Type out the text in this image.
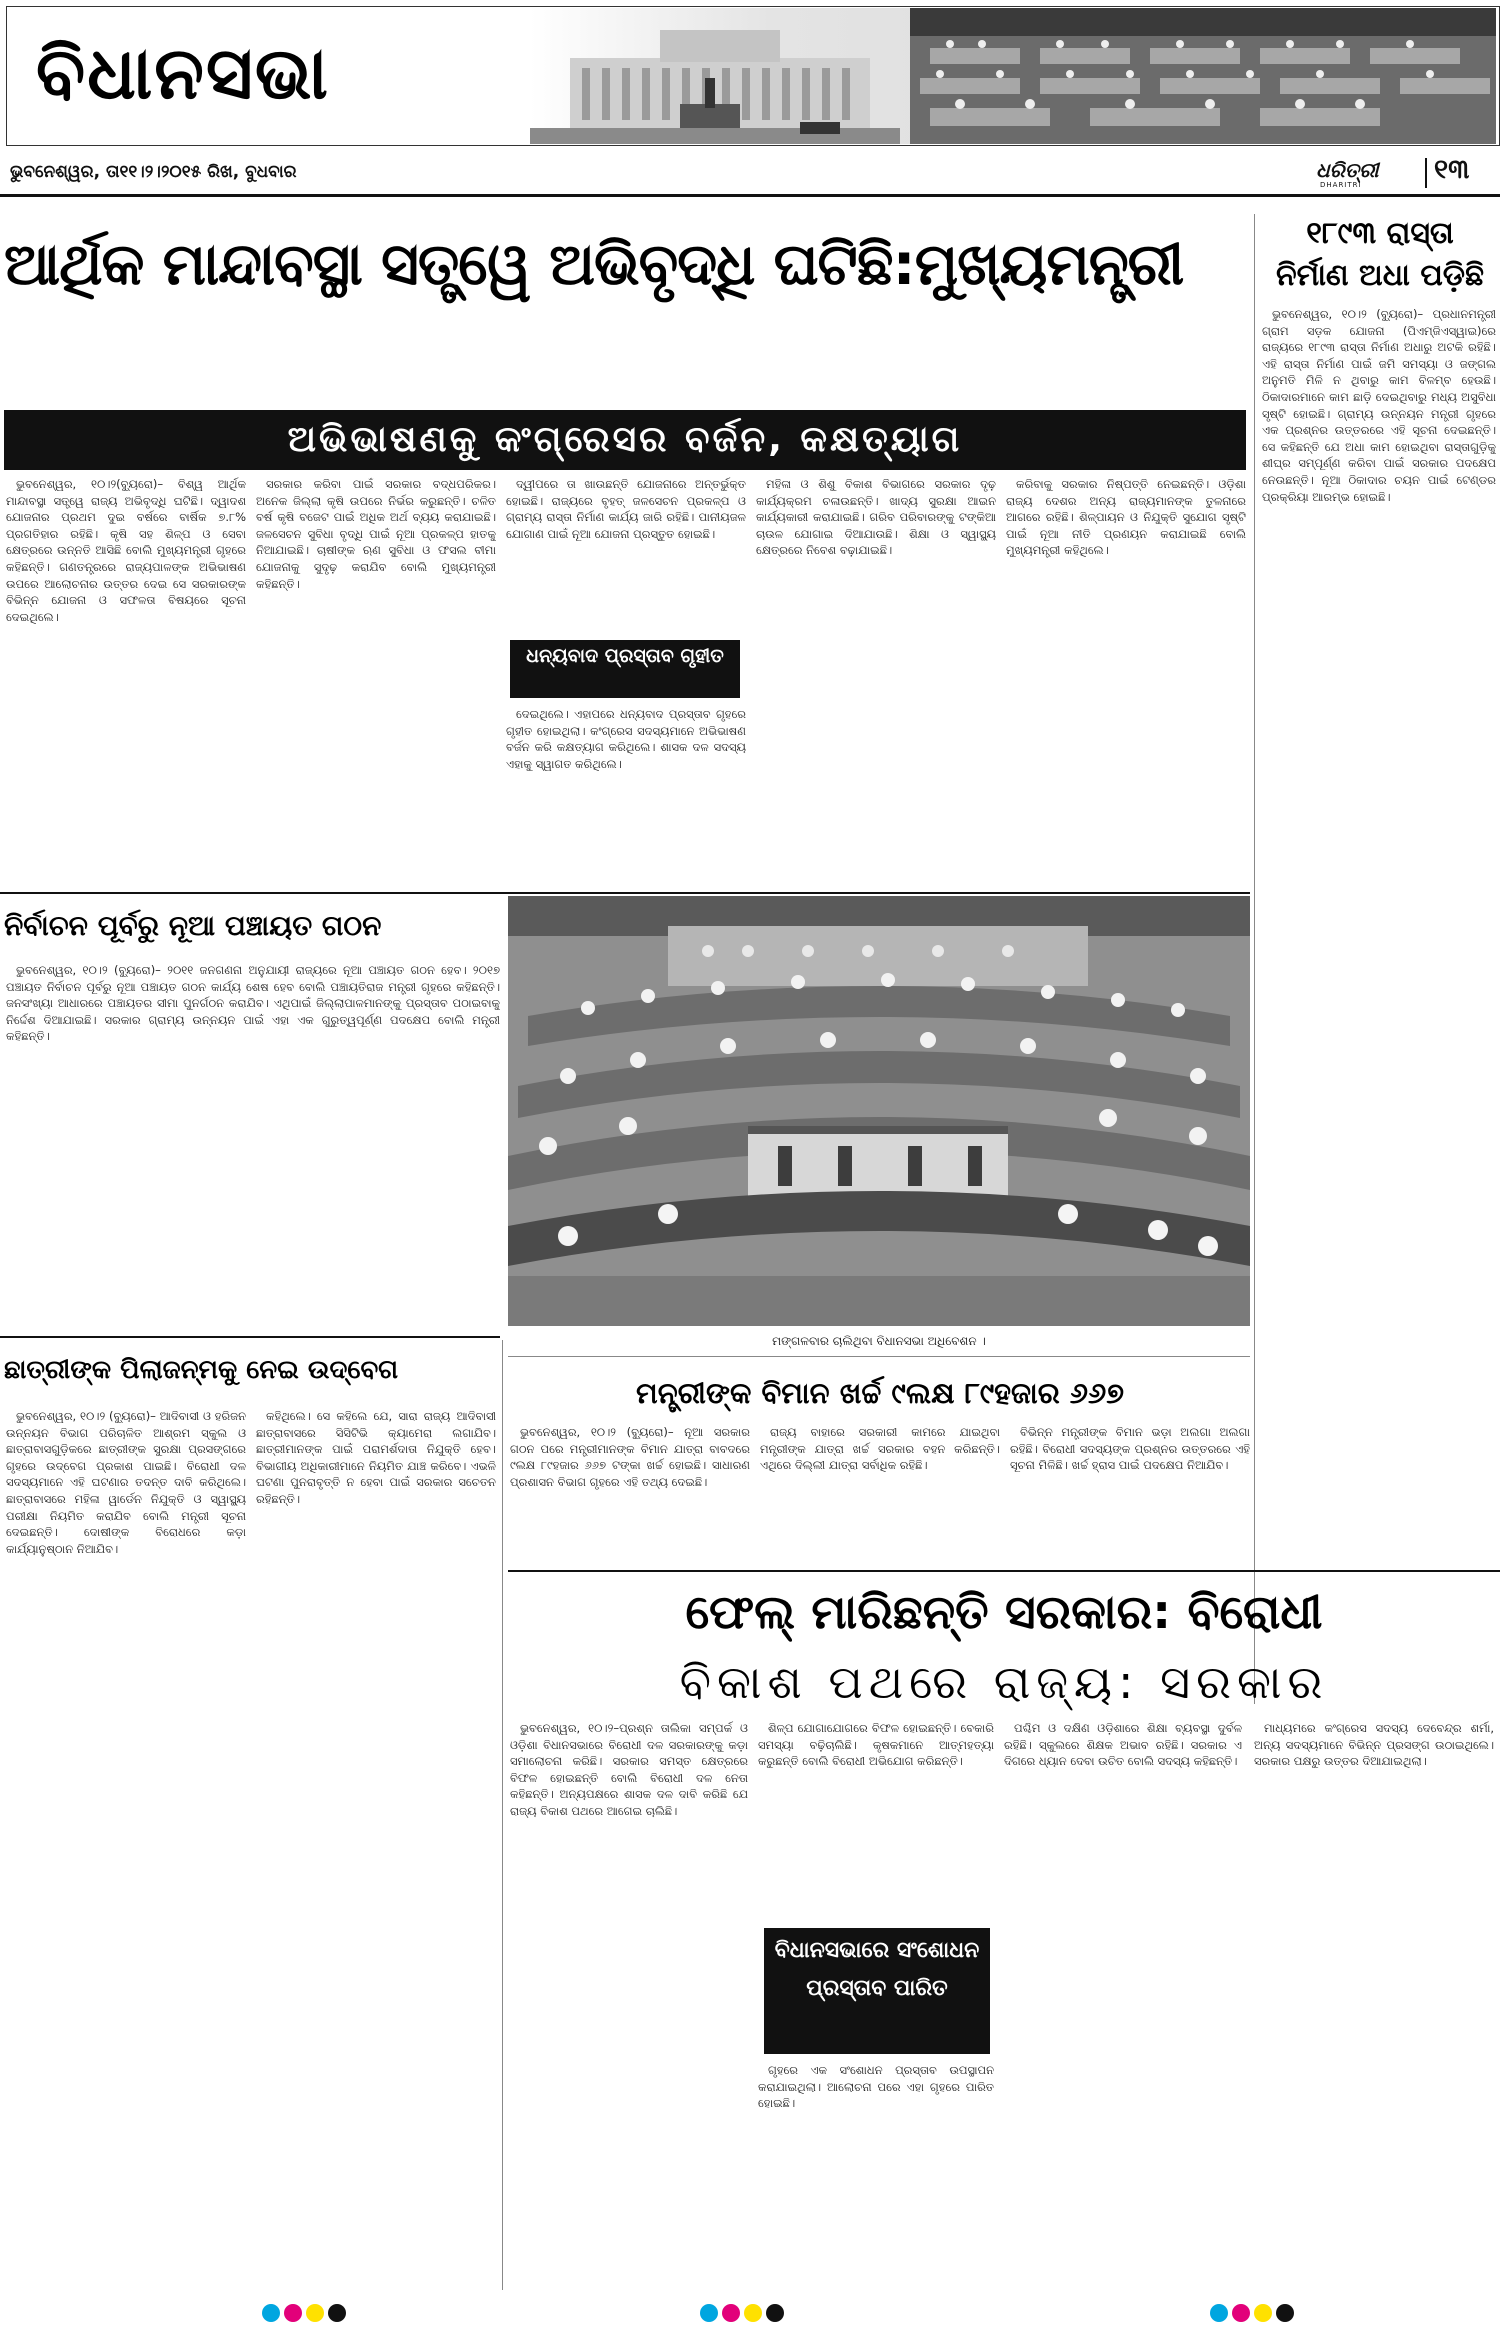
ବିଧାନସଭା
ଭୁବନେଶ୍ୱର, ତା୧୧।୨।୨୦୧୫ ରିଖ, ବୁଧବାର	ଧରିତ୍ରୀ
DHARITRI	୧୩
ଆର୍ଥିକ ମାନ୍ଦାବସ୍ଥା ସତ୍ତ୍ୱେ ଅଭିବୃଦ୍ଧି ଘଟିଛି:ମୁଖ୍ୟମନ୍ତ୍ରୀ
ଅଭିଭାଷଣକୁ କଂଗ୍ରେସର ବର୍ଜନ, କକ୍ଷତ୍ୟାଗ

ଭୁବନେଶ୍ୱର, ୧୦।୨(ବ୍ୟୁରୋ)– ବିଶ୍ୱ ଆର୍ଥିକ ମାନ୍ଦାବସ୍ଥା ସତ୍ତ୍ୱେ ରାଜ୍ୟ ଅଭିବୃଦ୍ଧି ଘଟିଛି। ଦ୍ୱାଦଶ ଯୋଜନାର ପ୍ରଥମ ଦୁଇ ବର୍ଷରେ ବାର୍ଷିକ ୭.୮% ପ୍ରଗତିହାର ରହିଛି। କୃଷି ସହ ଶିଳ୍ପ ଓ ସେବା କ୍ଷେତ୍ରରେ ଉନ୍ନତି ଆସିଛି ବୋଲି ମୁଖ୍ୟମନ୍ତ୍ରୀ ଗୃହରେ କହିଛନ୍ତି। ଗଣତନ୍ତ୍ରରେ ରାଜ୍ୟପାଳଙ୍କ ଅଭିଭାଷଣ ଉପରେ ଆଲୋଚନାର ଉତ୍ତର ଦେଇ ସେ ସରକାରଙ୍କ ବିଭିନ୍ନ ଯୋଜନା ଓ ସଫଳତା ବିଷୟରେ ସୂଚନା ଦେଇଥିଲେ।

ସରକାର କରିବା ପାଇଁ ସରକାର ବଦ୍ଧପରିକର। ଅନେକ ଜିଲ୍ଲା କୃଷି ଉପରେ ନିର୍ଭର କରୁଛନ୍ତି। ଚଳିତ ବର୍ଷ କୃଷି ବଜେଟ ପାଇଁ ଅଧିକ ଅର୍ଥ ବ୍ୟୟ କରାଯାଇଛି। ଜଳସେଚନ ସୁବିଧା ବୃଦ୍ଧି ପାଇଁ ନୂଆ ପ୍ରକଳ୍ପ ହାତକୁ ନିଆଯାଇଛି। ଚାଷୀଙ୍କ ଋଣ ସୁବିଧା ଓ ଫସଲ ବୀମା ଯୋଜନାକୁ ସୁଦୃଢ଼ କରାଯିବ ବୋଲି ମୁଖ୍ୟମନ୍ତ୍ରୀ କହିଛନ୍ତି।

ଦ୍ୱୀପରେ ତା ଖାଉଛନ୍ତି ଯୋଜନାରେ ଅନ୍ତର୍ଭୁକ୍ତ ହୋଇଛି। ରାଜ୍ୟରେ ବୃହତ୍ ଜଳସେଚନ ପ୍ରକଳ୍ପ ଓ ଗ୍ରାମ୍ୟ ରାସ୍ତା ନିର୍ମାଣ କାର୍ଯ୍ୟ ଜାରି ରହିଛି। ପାନୀୟଜଳ ଯୋଗାଣ ପାଇଁ ନୂଆ ଯୋଜନା ପ୍ରସ୍ତୁତ ହୋଇଛି।

ଧନ୍ୟବାଦ ପ୍ରସ୍ତାବ ଗୃହୀତ

ଦେଇଥିଲେ। ଏହାପରେ ଧନ୍ୟବାଦ ପ୍ରସ୍ତାବ ଗୃହରେ ଗୃହୀତ ହୋଇଥିଲା। କଂଗ୍ରେସ ସଦସ୍ୟମାନେ ଅଭିଭାଷଣ ବର୍ଜନ କରି କକ୍ଷତ୍ୟାଗ କରିଥିଲେ। ଶାସକ ଦଳ ସଦସ୍ୟ ଏହାକୁ ସ୍ୱାଗତ କରିଥିଲେ।

ମହିଳା ଓ ଶିଶୁ ବିକାଶ ବିଭାଗରେ ସରକାର ଦୃଢ଼ କାର୍ଯ୍ୟକ୍ରମ ଚଳାଉଛନ୍ତି। ଖାଦ୍ୟ ସୁରକ୍ଷା ଆଇନ କାର୍ଯ୍ୟକାରୀ କରାଯାଇଛି। ଗରିବ ପରିବାରଙ୍କୁ ଟଙ୍କିଆ ଚାଉଳ ଯୋଗାଇ ଦିଆଯାଉଛି। ଶିକ୍ଷା ଓ ସ୍ୱାସ୍ଥ୍ୟ କ୍ଷେତ୍ରରେ ନିବେଶ ବଢ଼ାଯାଇଛି।

କରିବାକୁ ସରକାର ନିଷ୍ପତ୍ତି ନେଇଛନ୍ତି। ଓଡ଼ିଶା ରାଜ୍ୟ ଦେଶର ଅନ୍ୟ ରାଜ୍ୟମାନଙ୍କ ତୁଳନାରେ ଆଗରେ ରହିଛି। ଶିଳ୍ପାୟନ ଓ ନିଯୁକ୍ତି ସୁଯୋଗ ସୃଷ୍ଟି ପାଇଁ ନୂଆ ନୀତି ପ୍ରଣୟନ କରାଯାଇଛି ବୋଲି ମୁଖ୍ୟମନ୍ତ୍ରୀ କହିଥିଲେ।

୧୮୯୩ ରାସ୍ତା
ନିର୍ମାଣ ଅଧା ପଡ଼ିଛି

ଭୁବନେଶ୍ୱର, ୧୦।୨ (ବ୍ୟୁରୋ)– ପ୍ରଧାନମନ୍ତ୍ରୀ ଗ୍ରାମ ସଡ଼କ ଯୋଜନା (ପିଏମ୍‌ଜିଏସ୍‌ୱାଇ)ରେ ରାଜ୍ୟରେ ୧୮୯୩ ରାସ୍ତା ନିର୍ମାଣ ଅଧାରୁ ଅଟକି ରହିଛି। ଏହି ରାସ୍ତା ନିର୍ମାଣ ପାଇଁ ଜମି ସମସ୍ୟା ଓ ଜଙ୍ଗଲ ଅନୁମତି ମିଳି ନ ଥିବାରୁ କାମ ବିଳମ୍ବ ହେଉଛି। ଠିକାଦାରମାନେ କାମ ଛାଡ଼ି ଦେଇଥିବାରୁ ମଧ୍ୟ ଅସୁବିଧା ସୃଷ୍ଟି ହୋଇଛି। ଗ୍ରାମ୍ୟ ଉନ୍ନୟନ ମନ୍ତ୍ରୀ ଗୃହରେ ଏକ ପ୍ରଶ୍ନର ଉତ୍ତରରେ ଏହି ସୂଚନା ଦେଇଛନ୍ତି। ସେ କହିଛନ୍ତି ଯେ ଅଧା କାମ ହୋଇଥିବା ରାସ୍ତାଗୁଡ଼ିକୁ ଶୀଘ୍ର ସମ୍ପୂର୍ଣ୍ଣ କରିବା ପାଇଁ ସରକାର ପଦକ୍ଷେପ ନେଉଛନ୍ତି। ନୂଆ ଠିକାଦାର ଚୟନ ପାଇଁ ଟେଣ୍ଡର ପ୍ରକ୍ରିୟା ଆରମ୍ଭ ହୋଇଛି।

ନିର୍ବାଚନ ପୂର୍ବରୁ ନୂଆ ପଞ୍ଚାୟତ ଗଠନ

ଭୁବନେଶ୍ୱର, ୧୦।୨ (ବ୍ୟୁରୋ)– ୨୦୧୧ ଜନଗଣନା ଅନୁଯାୟୀ ରାଜ୍ୟରେ ନୂଆ ପଞ୍ଚାୟତ ଗଠନ ହେବ। ୨୦୧୭ ପଞ୍ଚାୟତ ନିର୍ବାଚନ ପୂର୍ବରୁ ନୂଆ ପଞ୍ଚାୟତ ଗଠନ କାର୍ଯ୍ୟ ଶେଷ ହେବ ବୋଲି ପଞ୍ଚାୟତିରାଜ ମନ୍ତ୍ରୀ ଗୃହରେ କହିଛନ୍ତି। ଜନସଂଖ୍ୟା ଆଧାରରେ ପଞ୍ଚାୟତର ସୀମା ପୁନର୍ଗଠନ କରାଯିବ। ଏଥିପାଇଁ ଜିଲ୍ଲାପାଳମାନଙ୍କୁ ପ୍ରସ୍ତାବ ପଠାଇବାକୁ ନିର୍ଦ୍ଦେଶ ଦିଆଯାଇଛି। ସରକାର ଗ୍ରାମ୍ୟ ଉନ୍ନୟନ ପାଇଁ ଏହା ଏକ ଗୁରୁତ୍ୱପୂର୍ଣ୍ଣ ପଦକ୍ଷେପ ବୋଲି ମନ୍ତ୍ରୀ କହିଛନ୍ତି।

ମଙ୍ଗଳବାର ଚାଲିଥିବା ବିଧାନସଭା ଅଧିବେଶନ ।
ଛାତ୍ରୀଙ୍କ ପିଲାଜନ୍ମକୁ ନେଇ ଉଦ୍‌ବେଗ

ଭୁବନେଶ୍ୱର, ୧୦।୨ (ବ୍ୟୁରୋ)– ଆଦିବାସୀ ଓ ହରିଜନ ଉନ୍ନୟନ ବିଭାଗ ପରିଚାଳିତ ଆଶ୍ରମ ସ୍କୁଲ ଓ ଛାତ୍ରାବାସଗୁଡ଼ିକରେ ଛାତ୍ରୀଙ୍କ ସୁରକ୍ଷା ପ୍ରସଙ୍ଗରେ ଗୃହରେ ଉଦ୍‌ବେଗ ପ୍ରକାଶ ପାଇଛି। ବିରୋଧୀ ଦଳ ସଦସ୍ୟମାନେ ଏହି ଘଟଣାର ତଦନ୍ତ ଦାବି କରିଥିଲେ। ଛାତ୍ରାବାସରେ ମହିଳା ୱାର୍ଡେନ ନିଯୁକ୍ତି ଓ ସ୍ୱାସ୍ଥ୍ୟ ପରୀକ୍ଷା ନିୟମିତ କରାଯିବ ବୋଲି ମନ୍ତ୍ରୀ ସୂଚନା ଦେଇଛନ୍ତି। ଦୋଷୀଙ୍କ ବିରୋଧରେ କଡ଼ା କାର୍ଯ୍ୟାନୁଷ୍ଠାନ ନିଆଯିବ।

କହିଥିଲେ। ସେ କହିଲେ ଯେ, ସାରା ରାଜ୍ୟ ଆଦିବାସୀ ଛାତ୍ରାବାସରେ ସିସିଟିଭି କ୍ୟାମେରା ଲଗାଯିବ। ଛାତ୍ରୀମାନଙ୍କ ପାଇଁ ପରାମର୍ଶଦାତା ନିଯୁକ୍ତି ହେବ। ବିଭାଗୀୟ ଅଧିକାରୀମାନେ ନିୟମିତ ଯାଞ୍ଚ କରିବେ। ଏଭଳି ଘଟଣା ପୁନରାବୃତ୍ତି ନ ହେବା ପାଇଁ ସରକାର ସଚେତନ ରହିଛନ୍ତି।

ମନ୍ତ୍ରୀଙ୍କ ବିମାନ ଖର୍ଚ୍ଚ ୯ଲକ୍ଷ ୮୯ହଜାର ୬୬୭

ଭୁବନେଶ୍ୱର, ୧୦।୨ (ବ୍ୟୁରୋ)– ନୂଆ ସରକାର ଗଠନ ପରେ ମନ୍ତ୍ରୀମାନଙ୍କ ବିମାନ ଯାତ୍ରା ବାବଦରେ ୯ଲକ୍ଷ ୮୯ହଜାର ୬୬୭ ଟଙ୍କା ଖର୍ଚ୍ଚ ହୋଇଛି। ସାଧାରଣ ପ୍ରଶାସନ ବିଭାଗ ଗୃହରେ ଏହି ତଥ୍ୟ ଦେଇଛି।

ରାଜ୍ୟ ବାହାରେ ସରକାରୀ କାମରେ ଯାଇଥିବା ମନ୍ତ୍ରୀଙ୍କ ଯାତ୍ରା ଖର୍ଚ୍ଚ ସରକାର ବହନ କରିଛନ୍ତି। ଏଥିରେ ଦିଲ୍ଲୀ ଯାତ୍ରା ସର୍ବାଧିକ ରହିଛି।

ବିଭିନ୍ନ ମନ୍ତ୍ରୀଙ୍କ ବିମାନ ଭଡ଼ା ଅଲଗା ଅଲଗା ରହିଛି। ବିରୋଧୀ ସଦସ୍ୟଙ୍କ ପ୍ରଶ୍ନର ଉତ୍ତରରେ ଏହି ସୂଚନା ମିଳିଛି। ଖର୍ଚ୍ଚ ହ୍ରାସ ପାଇଁ ପଦକ୍ଷେପ ନିଆଯିବ।

ଫେଲ୍ ମାରିଛନ୍ତି ସରକାର: ବିରୋଧୀ
ବିକାଶ ପଥରେ ରାଜ୍ୟ: ସରକାର

ଭୁବନେଶ୍ୱର, ୧୦।୨–ପ୍ରଶ୍ନ ତାଲିକା ସମ୍ପର୍କ ଓ ଓଡ଼ିଶା ବିଧାନସଭାରେ ବିରୋଧୀ ଦଳ ସରକାରଙ୍କୁ କଡ଼ା ସମାଲୋଚନା କରିଛି। ସରକାର ସମସ୍ତ କ୍ଷେତ୍ରରେ ବିଫଳ ହୋଇଛନ୍ତି ବୋଲି ବିରୋଧୀ ଦଳ ନେତା କହିଛନ୍ତି। ଅନ୍ୟପକ୍ଷରେ ଶାସକ ଦଳ ଦାବି କରିଛି ଯେ ରାଜ୍ୟ ବିକାଶ ପଥରେ ଆଗେଇ ଚାଲିଛି।

ଶିଳ୍ପ ଯୋଗାଯୋଗରେ ବିଫଳ ହୋଇଛନ୍ତି। ବେକାରି ସମସ୍ୟା ବଢ଼ିଚାଲିଛି। କୃଷକମାନେ ଆତ୍ମହତ୍ୟା କରୁଛନ୍ତି ବୋଲି ବିରୋଧୀ ଅଭିଯୋଗ କରିଛନ୍ତି।

ବିଧାନସଭାରେ ସଂଶୋଧନ ପ୍ରସ୍ତାବ ପାରିତ

ଗୃହରେ ଏକ ସଂଶୋଧନ ପ୍ରସ୍ତାବ ଉପସ୍ଥାପନ କରାଯାଇଥିଲା। ଆଲୋଚନା ପରେ ଏହା ଗୃହରେ ପାରିତ ହୋଇଛି।

ପଶ୍ଚିମ ଓ ଦକ୍ଷିଣ ଓଡ଼ିଶାରେ ଶିକ୍ଷା ବ୍ୟବସ୍ଥା ଦୁର୍ବଳ ରହିଛି। ସ୍କୁଲରେ ଶିକ୍ଷକ ଅଭାବ ରହିଛି। ସରକାର ଏ ଦିଗରେ ଧ୍ୟାନ ଦେବା ଉଚିତ ବୋଲି ସଦସ୍ୟ କହିଛନ୍ତି।

ମାଧ୍ୟମରେ କଂଗ୍ରେସ ସଦସ୍ୟ ଦେବେନ୍ଦ୍ର ଶର୍ମା, ଅନ୍ୟ ସଦସ୍ୟମାନେ ବିଭିନ୍ନ ପ୍ରସଙ୍ଗ ଉଠାଇଥିଲେ। ସରକାର ପକ୍ଷରୁ ଉତ୍ତର ଦିଆଯାଇଥିଲା।
